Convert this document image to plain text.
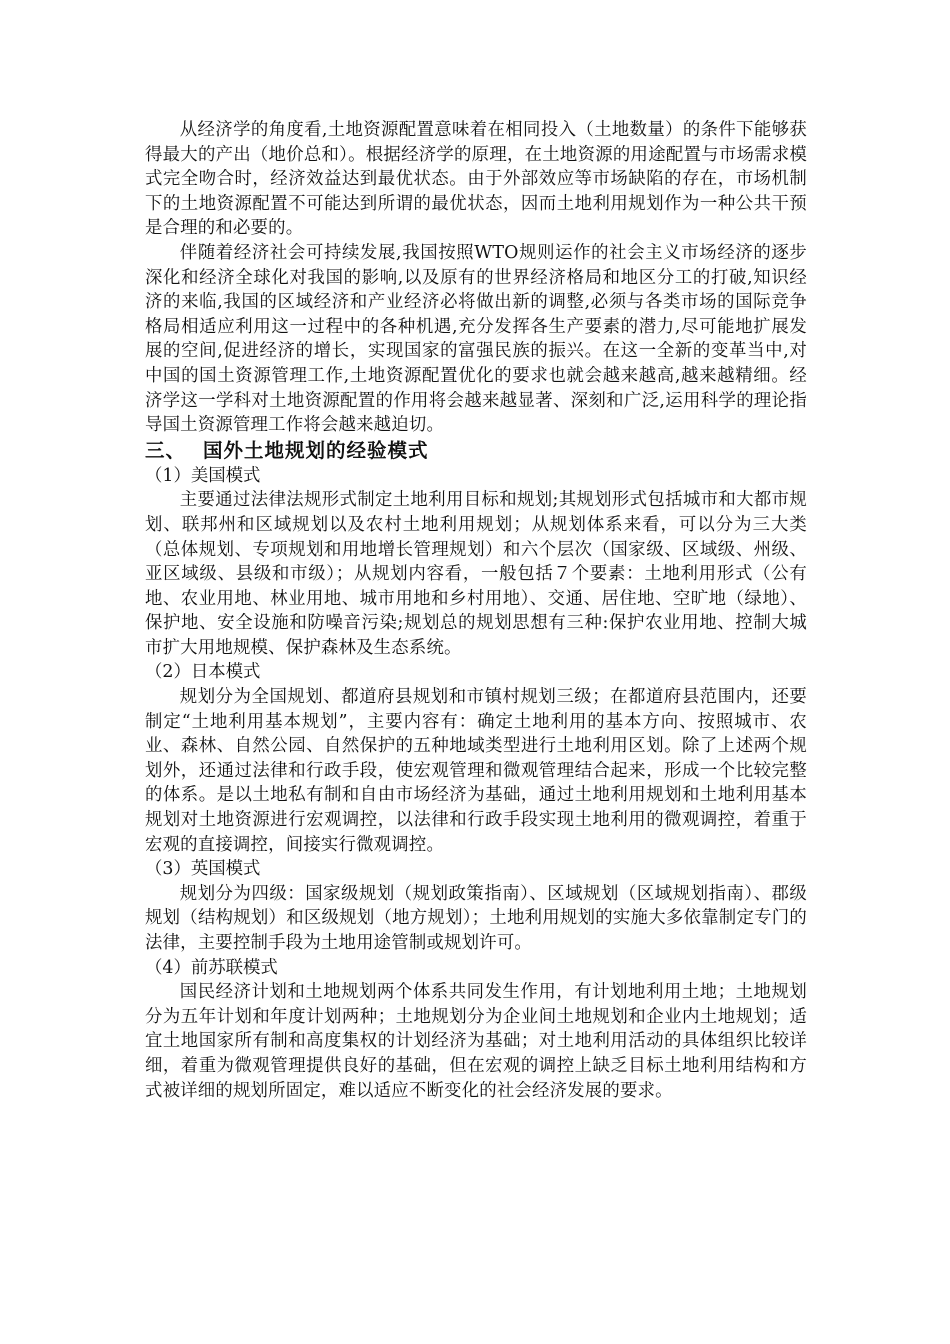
从经济学的角度看,土地资源配置意味着在相同投入（土地数量）的条件下能够获得最大的产出（地价总和）。根据经济学的原理，在土地资源的用途配置与市场需求模式完全吻合时，经济效益达到最优状态。由于外部效应等市场缺陷的存在，市场机制下的土地资源配置不可能达到所谓的最优状态，因而土地利用规划作为一种公共干预是合理的和必要的。

伴随着经济社会可持续发展,我国按照WTO规则运作的社会主义市场经济的逐步深化和经济全球化对我国的影响,以及原有的世界经济格局和地区分工的打破,知识经济的来临,我国的区域经济和产业经济必将做出新的调整,必须与各类市场的国际竞争格局相适应利用这一过程中的各种机遇,充分发挥各生产要素的潜力,尽可能地扩展发展的空间,促进经济的增长，实现国家的富强民族的振兴。在这一全新的变革当中,对中国的国土资源管理工作,土地资源配置优化的要求也就会越来越高,越来越精细。经济学这一学科对土地资源配置的作用将会越来越显著、深刻和广泛,运用科学的理论指导国土资源管理工作将会越来越迫切。

三、 国外土地规划的经验模式

（1）美国模式

主要通过法律法规形式制定土地利用目标和规划;其规划形式包括城市和大都市规划、联邦州和区域规划以及农村土地利用规划；从规划体系来看，可以分为三大类（总体规划、专项规划和用地增长管理规划）和六个层次（国家级、区域级、州级、亚区域级、县级和市级）；从规划内容看，一般包括７个要素：土地利用形式（公有地、农业用地、林业用地、城市用地和乡村用地）、交通、居住地、空旷地（绿地）、保护地、安全设施和防噪音污染;规划总的规划思想有三种:保护农业用地、控制大城市扩大用地规模、保护森林及生态系统。

（2）日本模式

规划分为全国规划、都道府县规划和市镇村规划三级；在都道府县范围内，还要制定“土地利用基本规划”，主要内容有：确定土地利用的基本方向、按照城市、农业、森林、自然公园、自然保护的五种地域类型进行土地利用区划。除了上述两个规划外，还通过法律和行政手段，使宏观管理和微观管理结合起来，形成一个比较完整的体系。是以土地私有制和自由市场经济为基础，通过土地利用规划和土地利用基本规划对土地资源进行宏观调控，以法律和行政手段实现土地利用的微观调控，着重于宏观的直接调控，间接实行微观调控。

（3）英国模式

规划分为四级：国家级规划（规划政策指南）、区域规划（区域规划指南）、郡级规划（结构规划）和区级规划（地方规划）；土地利用规划的实施大多依靠制定专门的法律，主要控制手段为土地用途管制或规划许可。

（4）前苏联模式

国民经济计划和土地规划两个体系共同发生作用，有计划地利用土地；土地规划分为五年计划和年度计划两种；土地规划分为企业间土地规划和企业内土地规划；适宜土地国家所有制和高度集权的计划经济为基础；对土地利用活动的具体组织比较详细，着重为微观管理提供良好的基础，但在宏观的调控上缺乏目标土地利用结构和方式被详细的规划所固定，难以适应不断变化的社会经济发展的要求。
